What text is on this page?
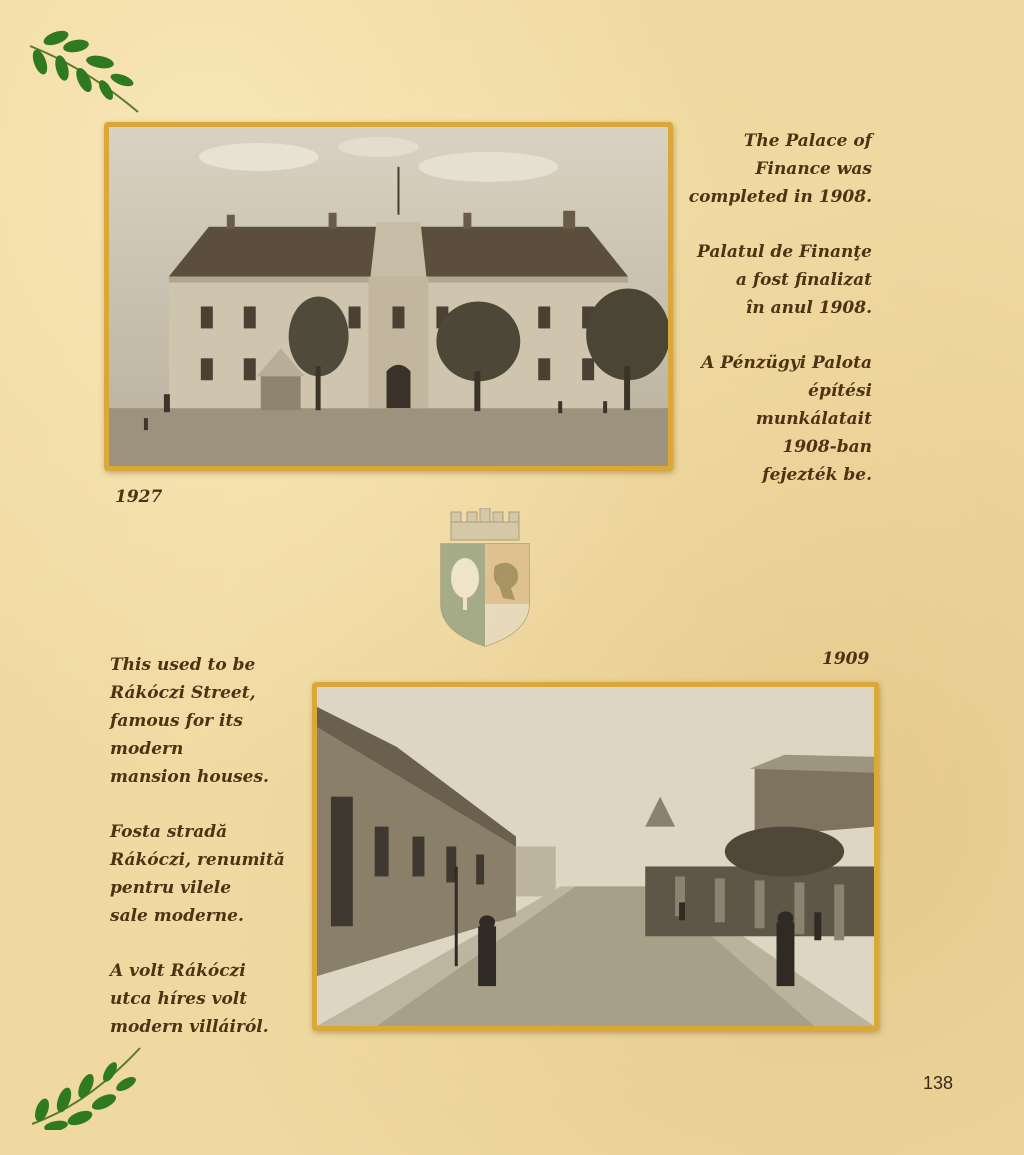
The Palace of
Finance was
completed in 1908.

Palatul de Finanţe
a fost finalizat
în anul 1908.

A Pénzügyi Palota
építési
munkálatait
1908-ban
fejezték be.

1927

1909

This used to be
Rákóczi Street,
famous for its
modern
mansion houses.

Fosta stradă
Rákóczi, renumită
pentru vilele
sale moderne.

A volt Rákóczi
utca híres volt
modern villáiról.

138
